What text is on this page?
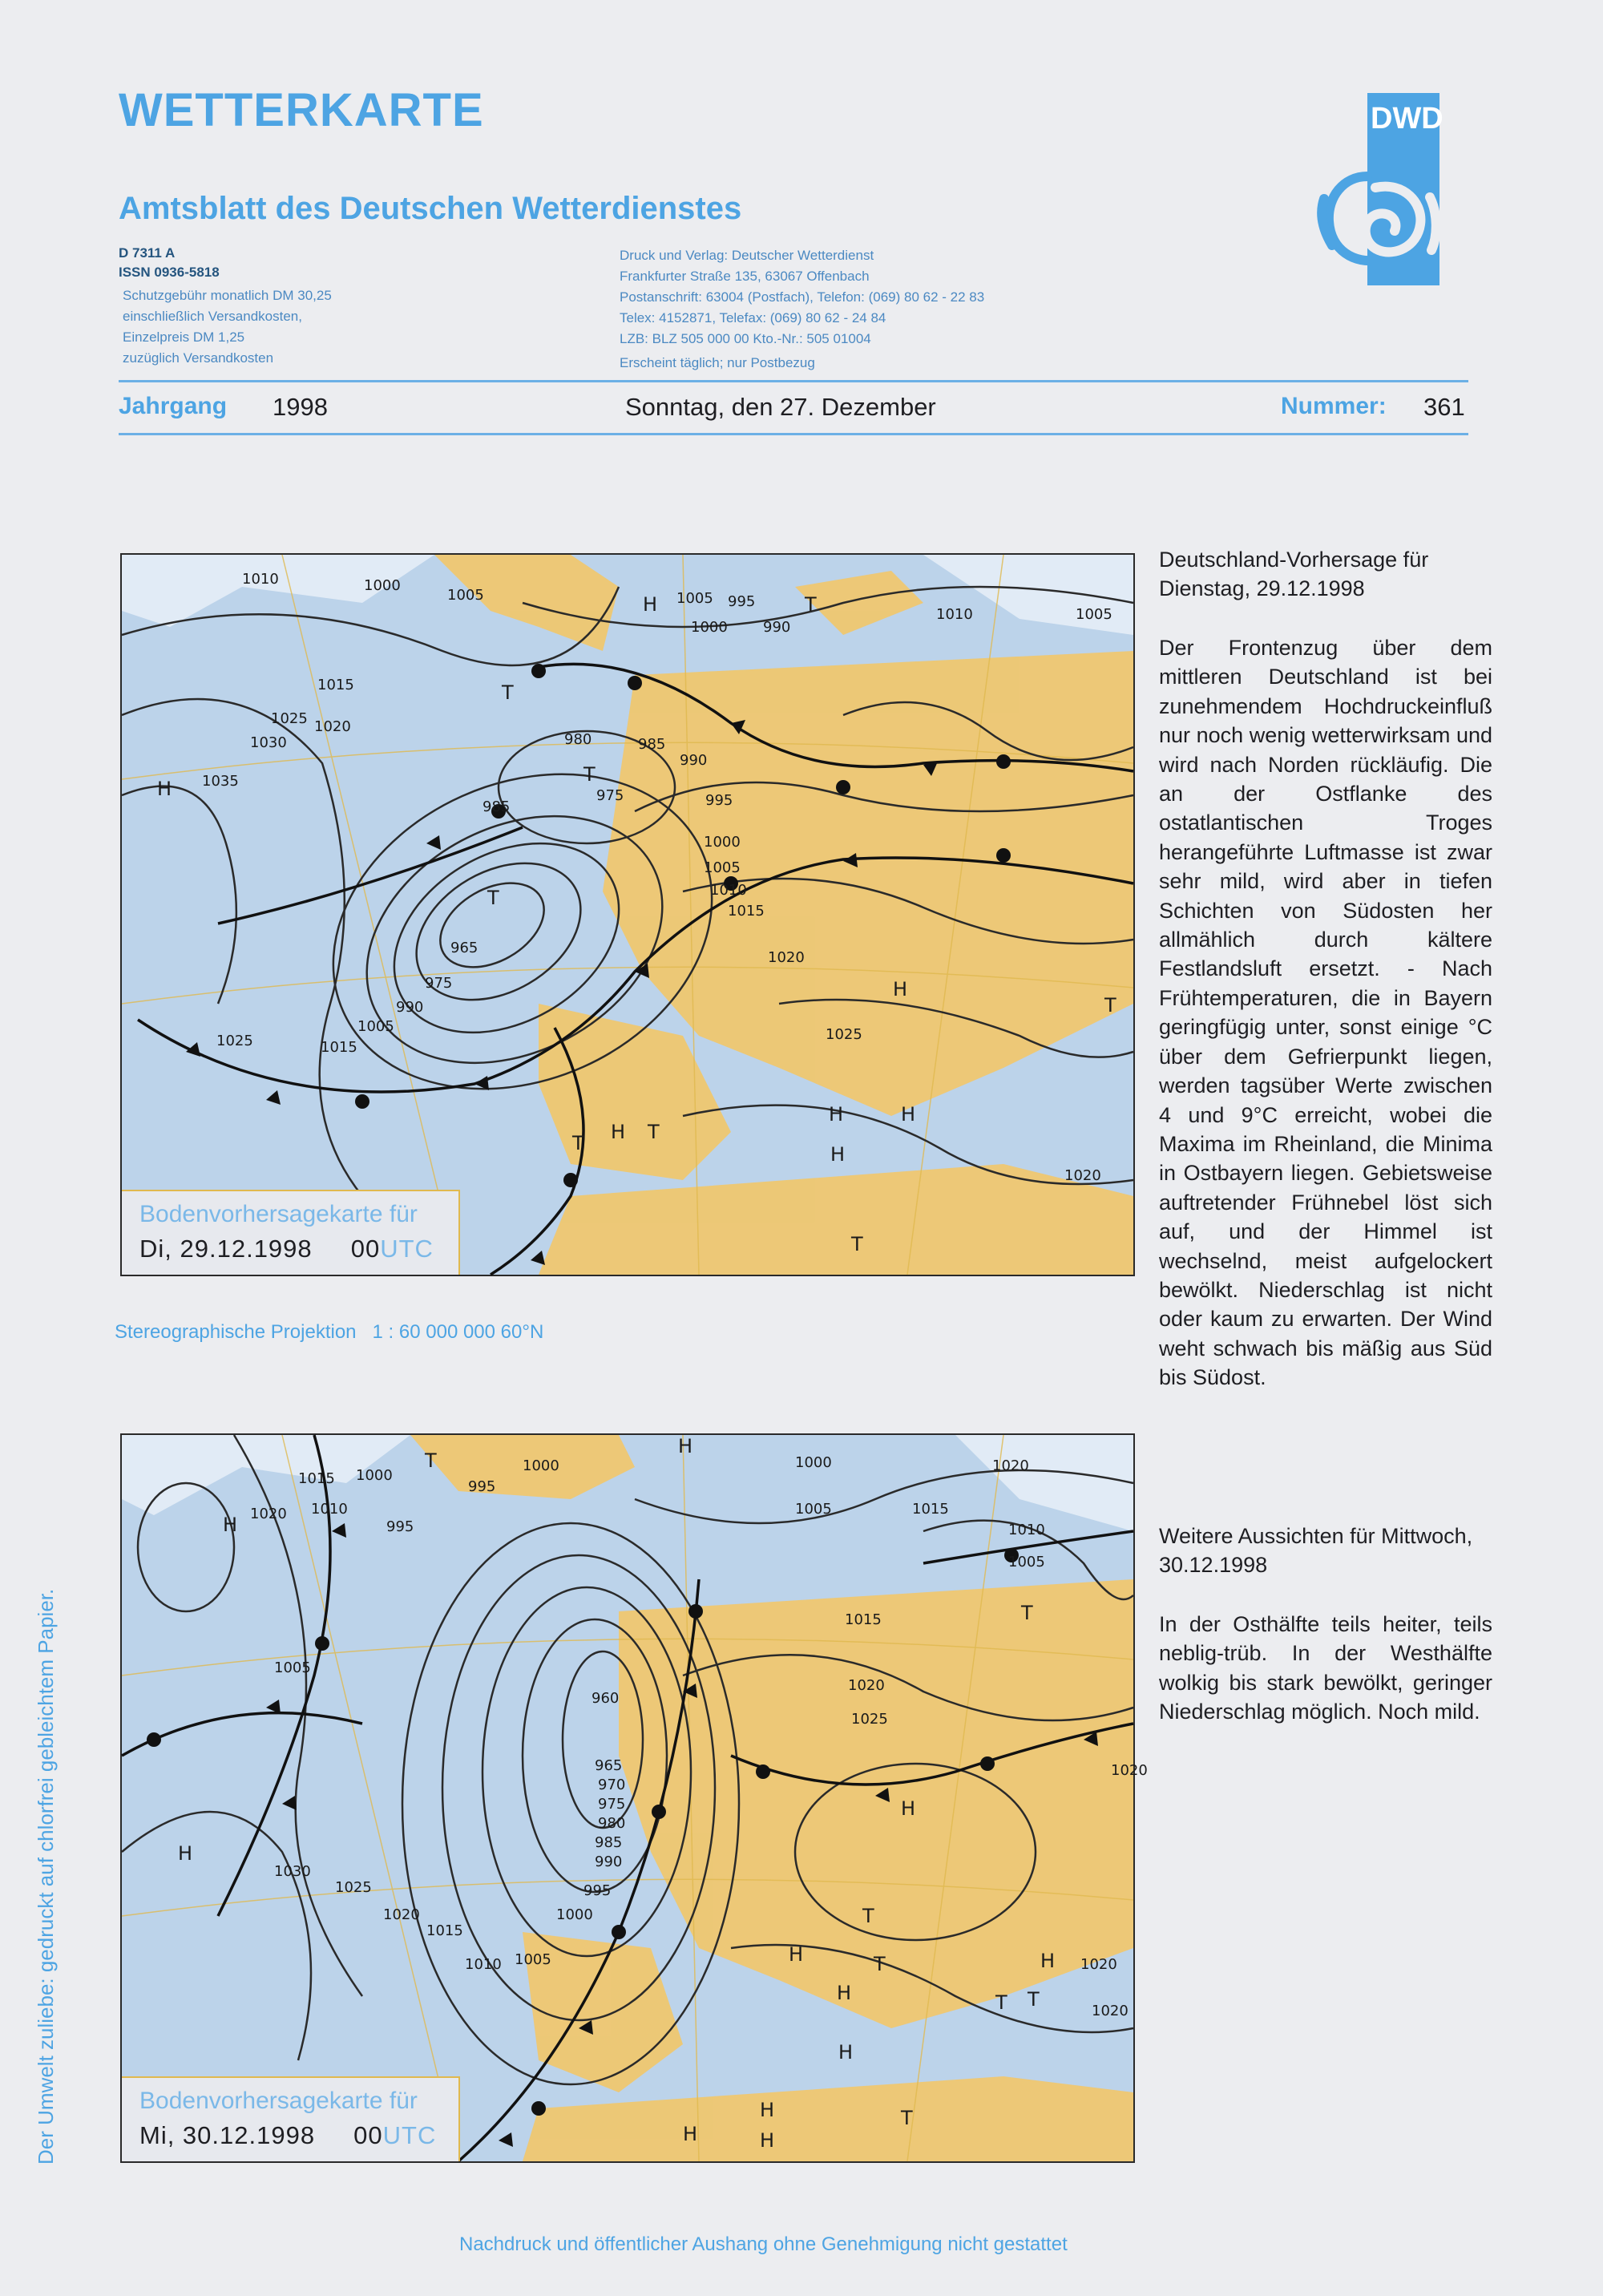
WETTERKARTE
Amtsblatt des Deutschen Wetterdienstes
D 7311 A
ISSN 0936-5818
Schutzgebühr monatlich DM 30,25
einschließlich Versandkosten,
Einzelpreis DM 1,25
zuzüglich Versandkosten
Druck und Verlag: Deutscher Wetterdienst
Frankfurter Straße 135, 63067 Offenbach
Postanschrift: 63004 (Postfach), Telefon: (069) 80 62 - 22 83
Telex: 4152871, Telefax: (069) 80 62 - 24 84
LZB: BLZ 505 000 00 Kto.-Nr.: 505 01004
Erscheint täglich; nur Postbezug
DWD
Jahrgang 1998	Sonntag, den 27. Dezember	Nummer: 361
1010	1000
1005	1005 995
1000 990
1010	1005
1015
1025 1020
1030
1035
980	985
975
990
985	995
1000
1005
1010
1015
965
975
990
1005
1020
1025
1015
1025
1020
H
H
T
T
T
T
H
T
H	H
H
T H T
T
Bodenvorhersagekarte für
Di, 29.12.1998 00UTC
Stereographische Projektion 1 : 60 000 000 60°N
1015 1000
1000
995
1000	1020
1010
995
1020	1005	1015
1010
1005
1005
1015
960
1020
1025
965
970
975
980
985
990
995
1000
1005
1010
1015
1020
1025
1030
1020
1020
1020
H
H
T
T
H
H
T
H	T	H
H
H
T T
H
H
T
H
Bodenvorhersagekarte für
Mi, 30.12.1998 00UTC
Deutschland-Vorhersage für Dienstag, 29.12.1998
Der Frontenzug über dem mittleren Deutschland ist bei zunehmendem Hochdruckeinfluß nur noch wenig wetterwirksam und wird nach Norden rückläufig. Die an der Ostflanke des ostatlantischen Troges herangeführte Luftmasse ist zwar sehr mild, wird aber in tiefen Schichten von Südosten her allmählich durch kältere Festlandsluft ersetzt. - Nach Frühtemperaturen, die in Bayern geringfügig unter, sonst einige °C über dem Gefrierpunkt liegen, werden tagsüber Werte zwischen 4 und 9°C erreicht, wobei die Maxima im Rheinland, die Minima in Ostbayern liegen. Gebietsweise auftretender Frühnebel löst sich auf, und der Himmel ist wechselnd, meist aufgelockert bewölkt. Niederschlag ist nicht oder kaum zu erwarten. Der Wind weht schwach bis mäßig aus Süd bis Südost.
Weitere Aussichten für Mittwoch, 30.12.1998
In der Osthälfte teils heiter, teils neblig-trüb. In der Westhälfte wolkig bis stark bewölkt, geringer Niederschlag möglich. Noch mild.
Der Umwelt zuliebe: gedruckt auf chlorfrei gebleichtem Papier.
Nachdruck und öffentlicher Aushang ohne Genehmigung nicht gestattet
